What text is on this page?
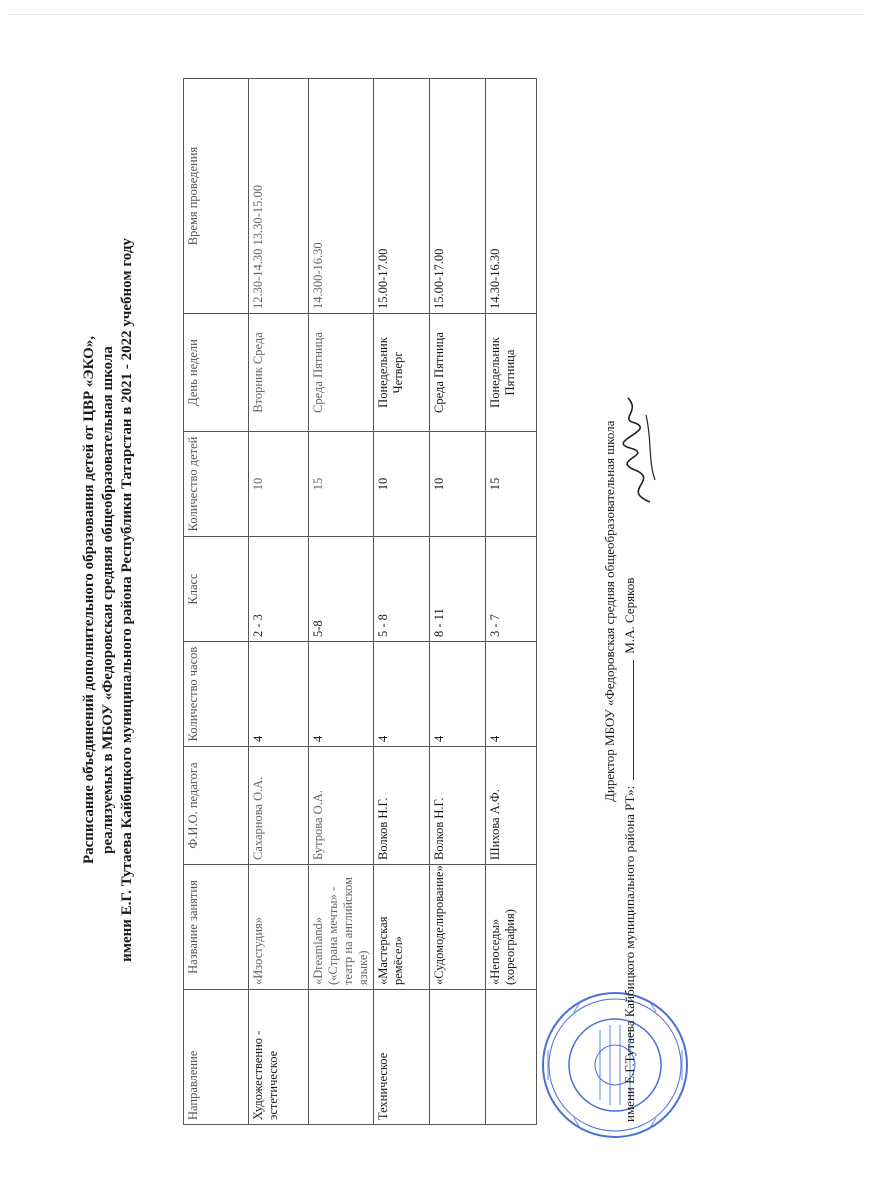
Расписание объединений дополнительного образования детей от ЦВР «ЭКО», реализуемых в МБОУ «Федоровская средняя общеобразовательная школа имени Е.Г. Тутаева Кайбицкого муниципального района Республики Татарстан в 2021 - 2022 учебном году

Направление	Название занятия	Ф.И.О. педагога	Количество часов	Класс	Количество детей	День недели	Время проведения
Художественно - эстетическое	«Изостудия»	Сахарнова О.А.	4	2 - 3	10	Вторник Среда	12.30-14.30 13.30-15.00
	«Dreamland» («Страна мечты» - театр на английском языке)	Бутрова О.А.	4	5-8	15	Среда Пятница	14.300-16.30
Техническое	«Мастерская ремёсел»	Волков Н.Г.	4	5 - 8	10	Понедельник Четверг	15.00-17.00
	«Судомоделирование»	Волков Н.Г.	4	8 - 11	10	Среда Пятница	15.00-17.00
	«Непоседы» (хореография)	Шихова А.Ф.	4	3 - 7	15	Понедельник Пятница	14.30-16.30
Директор МБОУ «Федоровская средняя общеобразовательная школа
имени Е.Г.Тутаева Кайбицкого муниципального района РТ»:М.А. Серяков
